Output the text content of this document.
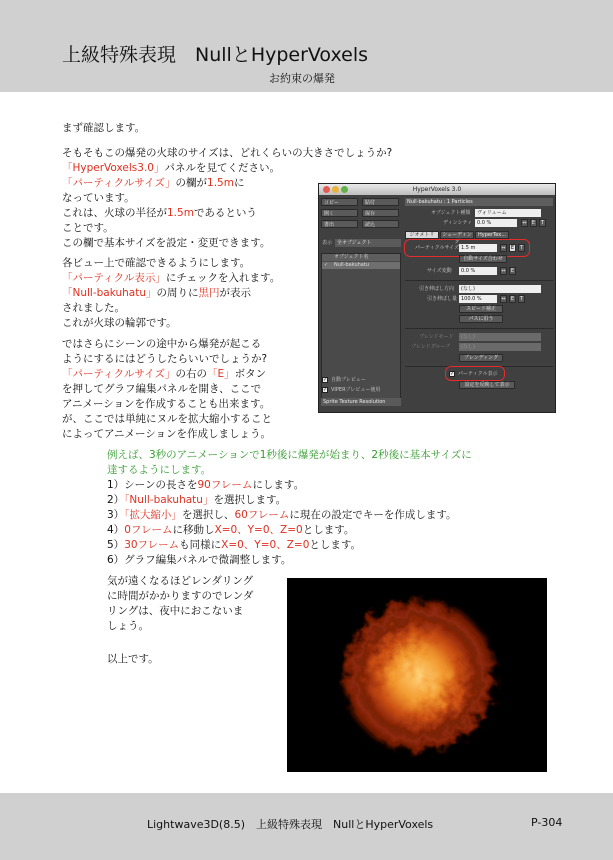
上級特殊表現　NullとHyperVoxels
お約束の爆発
まず確認します。
そもそもこの爆発の火球のサイズは、どれくらいの大きさでしょうか?
「HyperVoxels3.0」パネルを見てください。
「パーティクルサイズ」の欄が1.5mに
なっています。
これは、火球の半径が1.5mであるという
ことです。
この欄で基本サイズを設定・変更できます。
各ビュー上で確認できるようにします。
「パーティクル表示」にチェックを入れます。
「Null-bakuhatu」の周りに黒円が表示
されました。
これが火球の輪郭です。
ではさらにシーンの途中から爆発が起こる
ようにするにはどうしたらいいでしょうか?
「パーティクルサイズ」の右の「E」ボタン
を押してグラフ編集パネルを開き、ここで
アニメーションを作成することも出来ます。
が、ここでは単純にヌルを拡大縮小すること
によってアニメーションを作成しましょう。
HyperVoxels 3.0
コピー	貼付
開く	保存
書出	読込
表示 全オブジェクト
オブジェクト名
Null-bakuhatu
✓
✓ 自動プレビュー
✓ VIPERプレビュー使用
Sprite Texture Resolution
Null-bakuhatu : 1 Particles
オブジェクト種類	ヴォリューム
ディンシティ 0.0 %	⇔	E	T
ジオメトリ	シェーディング
HyperTex...
パーティクルサイズ 1.5 m	⇔	E	T
自動サイズ合わせ
サイズ変動	0.0 %	⇔	E
引き伸ばし方向	(なし)
引き伸ばし量 100.0 %	⇔	E	T
スピード補正
パスに沿う
ブレンドモード	(なし)
ブレンドグループ	(なし)
ブレンディング
✓ パーティクル表示
設定を反映して表示
例えば、3秒のアニメーションで1秒後に爆発が始まり、2秒後に基本サイズに
達するようにします。
1）シーンの長さを90フレームにします。
2）「Null-bakuhatu」を選択します。
3）「拡大縮小」を選択し、60フレームに現在の設定でキーを作成します。
4）0フレームに移動しX=0、Y=0、Z=0とします。
5）30フレームも同様にX=0、Y=0、Z=0とします。
6）グラフ編集パネルで微調整します。
気が遠くなるほどレンダリング
に時間がかかりますのでレンダ
リングは、夜中におこないま
しょう。
以上です。
Lightwave3D(8.5)　上級特殊表現　NullとHyperVoxels	P-304
